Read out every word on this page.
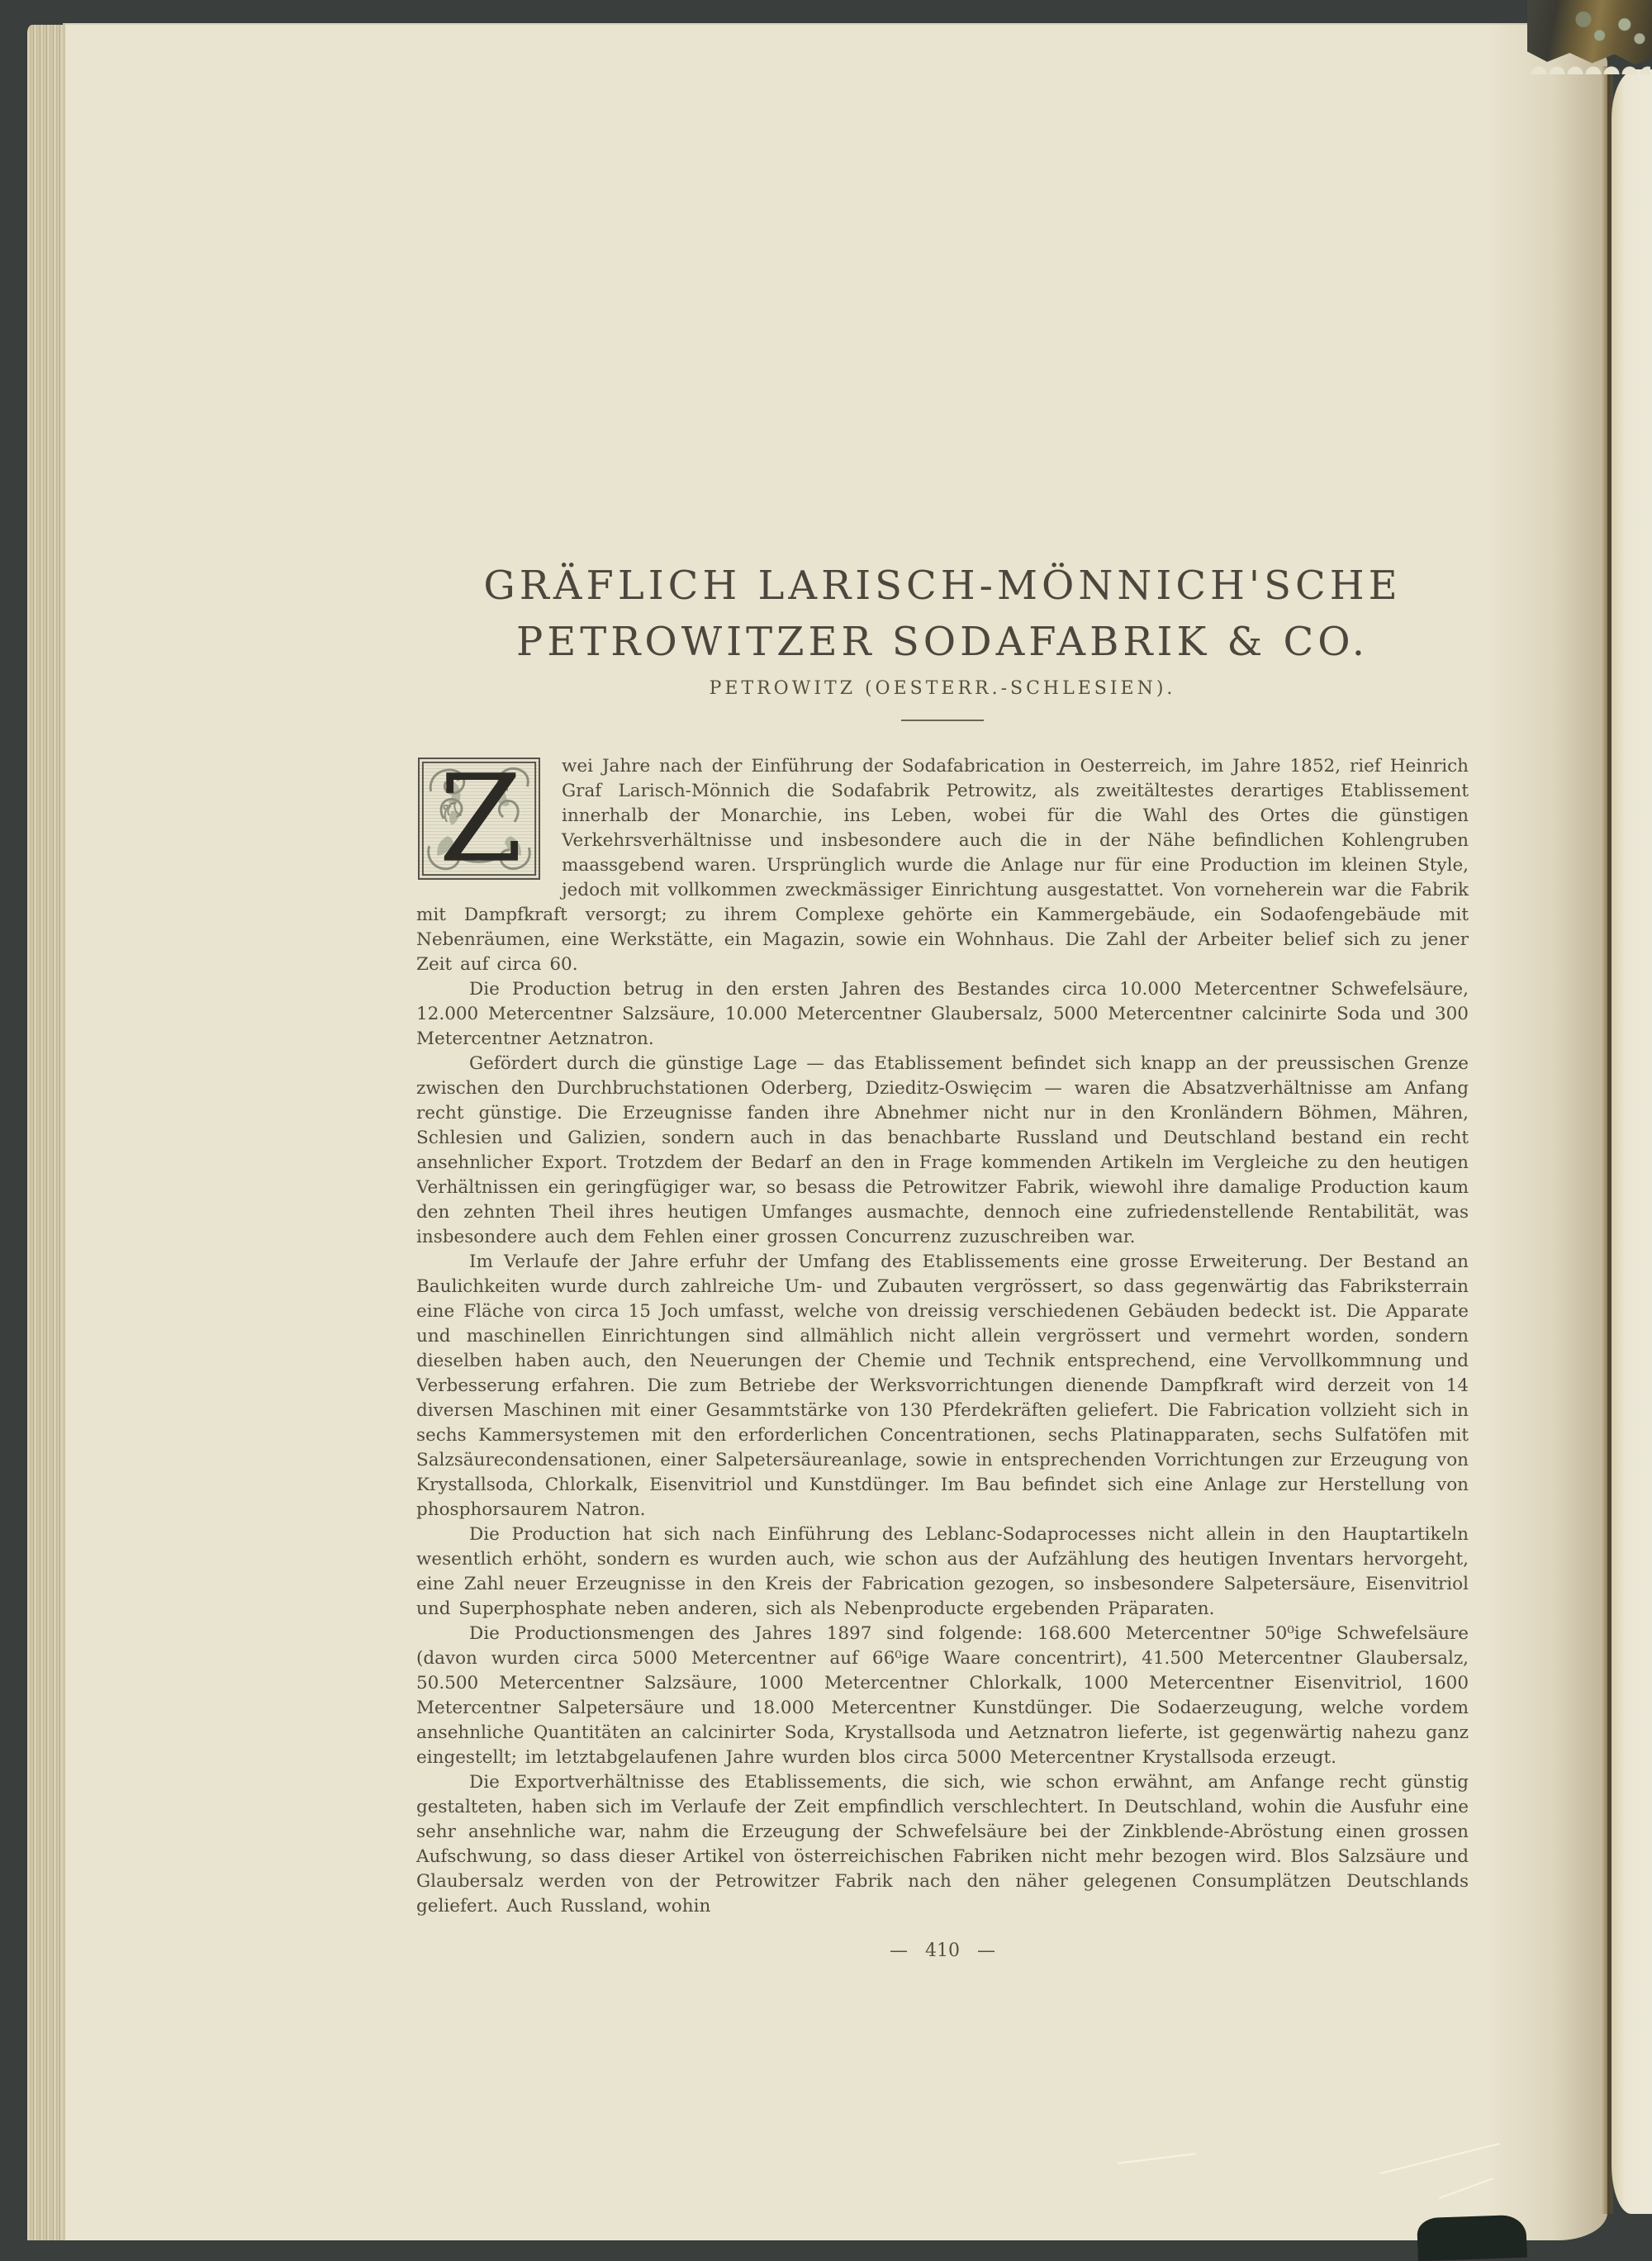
GRÄFLICH LARISCH-MÖNNICH'SCHE
PETROWITZER SODAFABRIK & CO.
PETROWITZ (OESTERR.-SCHLESIEN).

Z wei Jahre nach der Einführung der Sodafabrication in Oesterreich, im Jahre 1852, rief Heinrich Graf Larisch-Mönnich die Sodafabrik Petrowitz, als zweitältestes derartiges Etablissement innerhalb der Monarchie, ins Leben, wobei für die Wahl des Ortes die günstigen Verkehrsverhältnisse und insbesondere auch die in der Nähe befindlichen Kohlengruben maassgebend waren. Ursprünglich wurde die Anlage nur für eine Production im kleinen Style, jedoch mit vollkommen zweckmässiger Einrichtung ausgestattet. Von vorneherein war die Fabrik mit Dampfkraft versorgt; zu ihrem Complexe gehörte ein Kammergebäude, ein Sodaofengebäude mit Nebenräumen, eine Werkstätte, ein Magazin, sowie ein Wohnhaus. Die Zahl der Arbeiter belief sich zu jener Zeit auf circa 60.

Die Production betrug in den ersten Jahren des Bestandes circa 10.000 Metercentner Schwefelsäure, 12.000 Metercentner Salzsäure, 10.000 Metercentner Glaubersalz, 5000 Metercentner calcinirte Soda und 300 Metercentner Aetznatron.

Gefördert durch die günstige Lage — das Etablissement befindet sich knapp an der preussischen Grenze zwischen den Durchbruchstationen Oderberg, Dzieditz-Oswięcim — waren die Absatzverhältnisse am Anfang recht günstige. Die Erzeugnisse fanden ihre Abnehmer nicht nur in den Kronländern Böhmen, Mähren, Schlesien und Galizien, sondern auch in das benachbarte Russland und Deutschland bestand ein recht ansehnlicher Export. Trotzdem der Bedarf an den in Frage kommenden Artikeln im Vergleiche zu den heutigen Verhältnissen ein geringfügiger war, so besass die Petrowitzer Fabrik, wiewohl ihre damalige Production kaum den zehnten Theil ihres heutigen Umfanges ausmachte, dennoch eine zufriedenstellende Rentabilität, was insbesondere auch dem Fehlen einer grossen Concurrenz zuzuschreiben war.

Im Verlaufe der Jahre erfuhr der Umfang des Etablissements eine grosse Erweiterung. Der Bestand an Baulichkeiten wurde durch zahlreiche Um- und Zubauten vergrössert, so dass gegenwärtig das Fabriksterrain eine Fläche von circa 15 Joch umfasst, welche von dreissig verschiedenen Gebäuden bedeckt ist. Die Apparate und maschinellen Einrichtungen sind allmählich nicht allein vergrössert und vermehrt worden, sondern dieselben haben auch, den Neuerungen der Chemie und Technik entsprechend, eine Vervollkommnung und Verbesserung erfahren. Die zum Betriebe der Werksvorrichtungen dienende Dampfkraft wird derzeit von 14 diversen Maschinen mit einer Gesammtstärke von 130 Pferdekräften geliefert. Die Fabrication vollzieht sich in sechs Kammersystemen mit den erforderlichen Concentrationen, sechs Platinapparaten, sechs Sulfatöfen mit Salzsäurecondensationen, einer Salpetersäureanlage, sowie in entsprechenden Vorrichtungen zur Erzeugung von Krystallsoda, Chlorkalk, Eisenvitriol und Kunstdünger. Im Bau befindet sich eine Anlage zur Herstellung von phosphorsaurem Natron.

Die Production hat sich nach Einführung des Leblanc-Sodaprocesses nicht allein in den Hauptartikeln wesentlich erhöht, sondern es wurden auch, wie schon aus der Aufzählung des heutigen Inventars hervorgeht, eine Zahl neuer Erzeugnisse in den Kreis der Fabrication gezogen, so insbesondere Salpetersäure, Eisenvitriol und Superphosphate neben anderen, sich als Nebenproducte ergebenden Präparaten.

Die Productionsmengen des Jahres 1897 sind folgende: 168.600 Metercentner 50⁰ige Schwefelsäure (davon wurden circa 5000 Metercentner auf 66⁰ige Waare concentrirt), 41.500 Metercentner Glaubersalz, 50.500 Metercentner Salzsäure, 1000 Metercentner Chlorkalk, 1000 Metercentner Eisenvitriol, 1600 Metercentner Salpetersäure und 18.000 Metercentner Kunstdünger. Die Sodaerzeugung, welche vordem ansehnliche Quantitäten an calcinirter Soda, Krystallsoda und Aetznatron lieferte, ist gegenwärtig nahezu ganz eingestellt; im letztabgelaufenen Jahre wurden blos circa 5000 Metercentner Krystallsoda erzeugt.

Die Exportverhältnisse des Etablissements, die sich, wie schon erwähnt, am Anfange recht günstig gestalteten, haben sich im Verlaufe der Zeit empfindlich verschlechtert. In Deutschland, wohin die Ausfuhr eine sehr ansehnliche war, nahm die Erzeugung der Schwefelsäure bei der Zinkblende-Abröstung einen grossen Aufschwung, so dass dieser Artikel von österreichischen Fabriken nicht mehr bezogen wird. Blos Salzsäure und Glaubersalz werden von der Petrowitzer Fabrik nach den näher gelegenen Consumplätzen Deutschlands geliefert. Auch Russland, wohin

— 410 —
